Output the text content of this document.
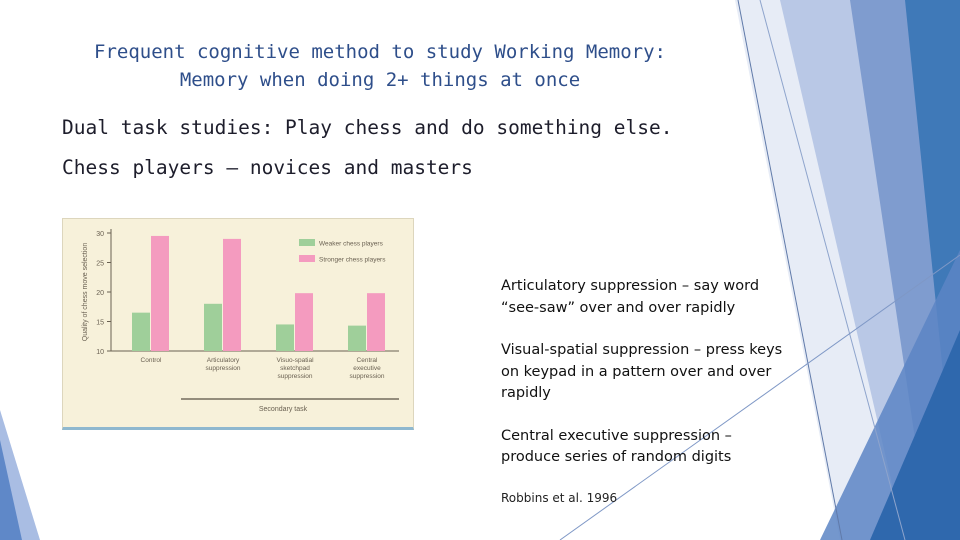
Frequent cognitive method to study Working Memory:
Memory when doing 2+ things at once
Dual task studies: Play chess and do something else.
Chess players – novices and masters
10
15
20
25
30
Quality of chess move selection
Control	Articulatory
suppression
Visuo-spatial
sketchpad
suppression
Central
executive
suppression
Secondary task
Weaker chess players
Stronger chess players

Articulatory suppression – say word “see-saw” over and over rapidly

Visual-spatial suppression – press keys on keypad in a pattern over and over rapidly

Central executive suppression – produce series of random digits

Robbins et al. 1996
